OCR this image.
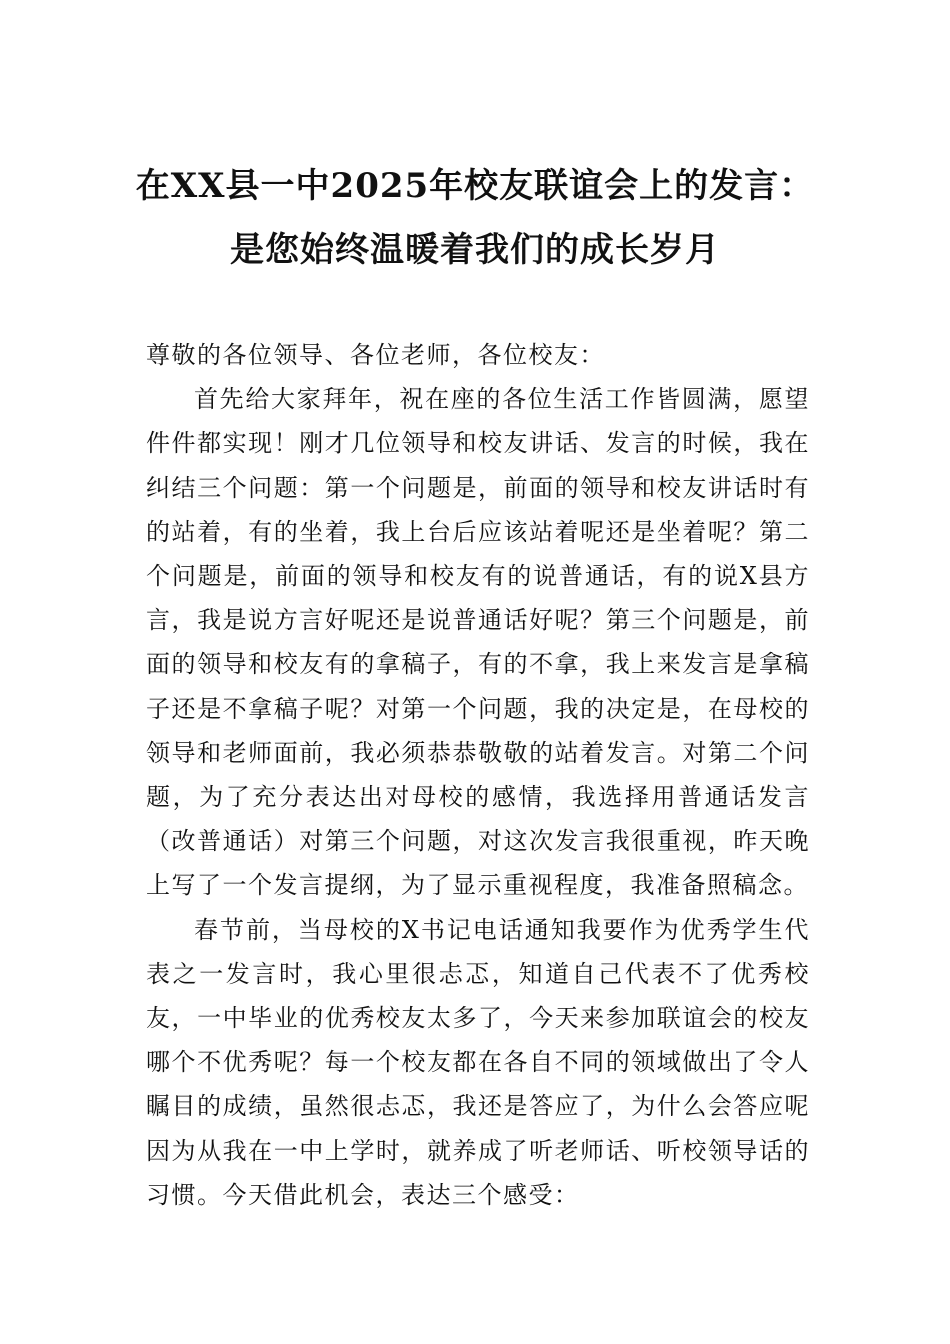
在XX县一中2025年校友联谊会上的发言：
是您始终温暖着我们的成长岁月

尊敬的各位领导、各位老师，各位校友：

首先给大家拜年，祝在座的各位生活工作皆圆满，愿望件件都实现！刚才几位领导和校友讲话、发言的时候，我在纠结三个问题：第一个问题是，前面的领导和校友讲话时有的站着，有的坐着，我上台后应该站着呢还是坐着呢？第二个问题是，前面的领导和校友有的说普通话，有的说X县方言，我是说方言好呢还是说普通话好呢？第三个问题是，前面的领导和校友有的拿稿子，有的不拿，我上来发言是拿稿子还是不拿稿子呢？对第一个问题，我的决定是，在母校的领导和老师面前，我必须恭恭敬敬的站着发言。对第二个问题，为了充分表达出对母校的感情，我选择用普通话发言（改普通话）对第三个问题，对这次发言我很重视，昨天晚上写了一个发言提纲，为了显示重视程度，我准备照稿念。

春节前，当母校的X书记电话通知我要作为优秀学生代表之一发言时，我心里很忐忑，知道自己代表不了优秀校友，一中毕业的优秀校友太多了，今天来参加联谊会的校友哪个不优秀呢？每一个校友都在各自不同的领域做出了令人瞩目的成绩，虽然很忐忑，我还是答应了，为什么会答应呢因为从我在一中上学时，就养成了听老师话、听校领导话的习惯。今天借此机会，表达三个感受：
